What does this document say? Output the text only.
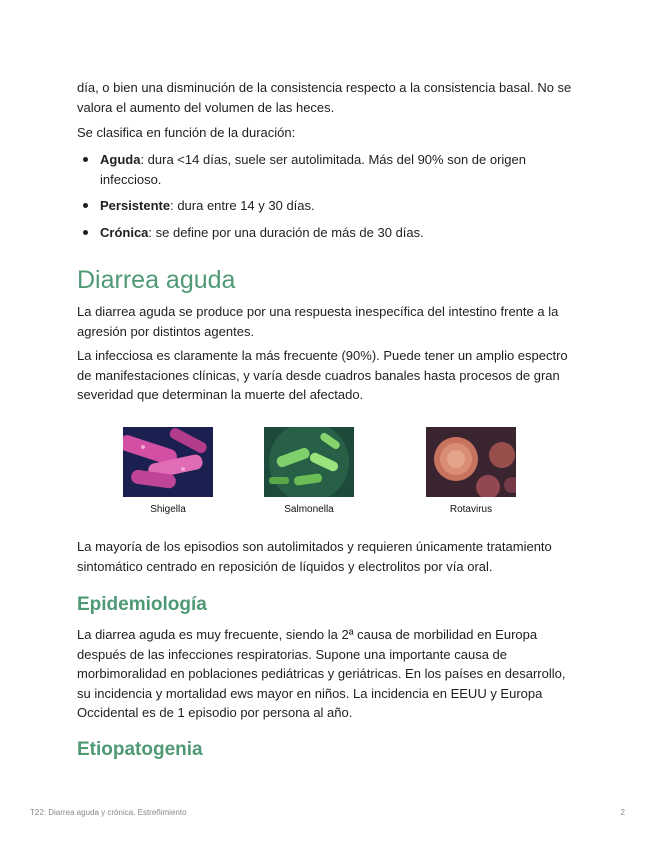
día, o bien una disminución de la consistencia respecto a la consistencia basal. No se valora el aumento del volumen de las heces.

Se clasifica en función de la duración:

Aguda: dura <14 días, suele ser autolimitada. Más del 90% son de origen infeccioso.
Persistente: dura entre 14 y 30 días.
Crónica: se define por una duración de más de 30 días.
Diarrea aguda

La diarrea aguda se produce por una respuesta inespecífica del intestino frente a la agresión por distintos agentes.

La infecciosa es claramente la más frecuente (90%). Puede tener un amplio espectro de manifestaciones clínicas, y varía desde cuadros banales hasta procesos de gran severidad que determinan la muerte del afectado.

Shigella	Salmonella	Rotavirus

La mayoría de los episodios son autolimitados y requieren únicamente tratamiento sintomático centrado en reposición de líquidos y electrolitos por vía oral.

Epidemiología

La diarrea aguda es muy frecuente, siendo la 2ª causa de morbilidad en Europa después de las infecciones respiratorias. Supone una importante causa de morbimoralidad en poblaciones pediátricas y geriátricas. En los países en desarrollo, su incidencia y mortalidad ews mayor en niños. La incidencia en EEUU y Europa Occidental es de 1 episodio por persona al año.

Etiopatogenia
T22: Diarrea aguda y crónica. Estreñimiento	2
